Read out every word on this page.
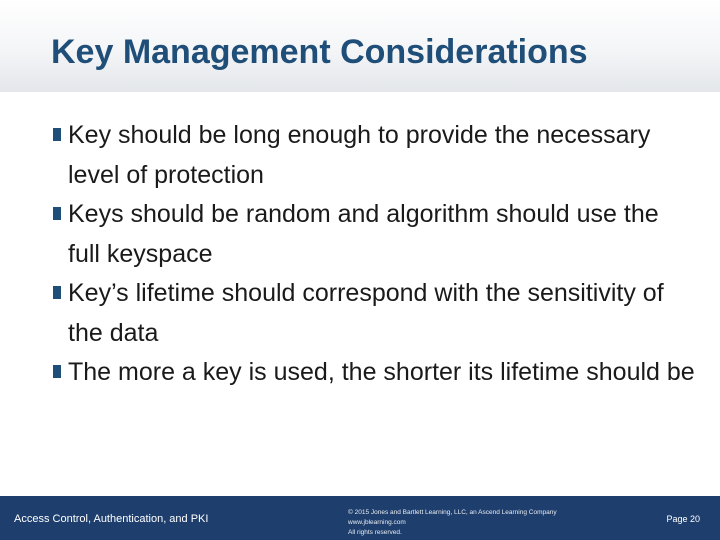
Key Management Considerations
Key should be long enough to provide the necessary level of protection
Keys should be random and algorithm should use the full keyspace
Key’s lifetime should correspond with the sensitivity of the data
The more a key is used, the shorter its lifetime should be
Access Control, Authentication, and PKI
© 2015 Jones and Bartlett Learning, LLC, an Ascend Learning Company
www.jblearning.com
All rights reserved.
Page 20
